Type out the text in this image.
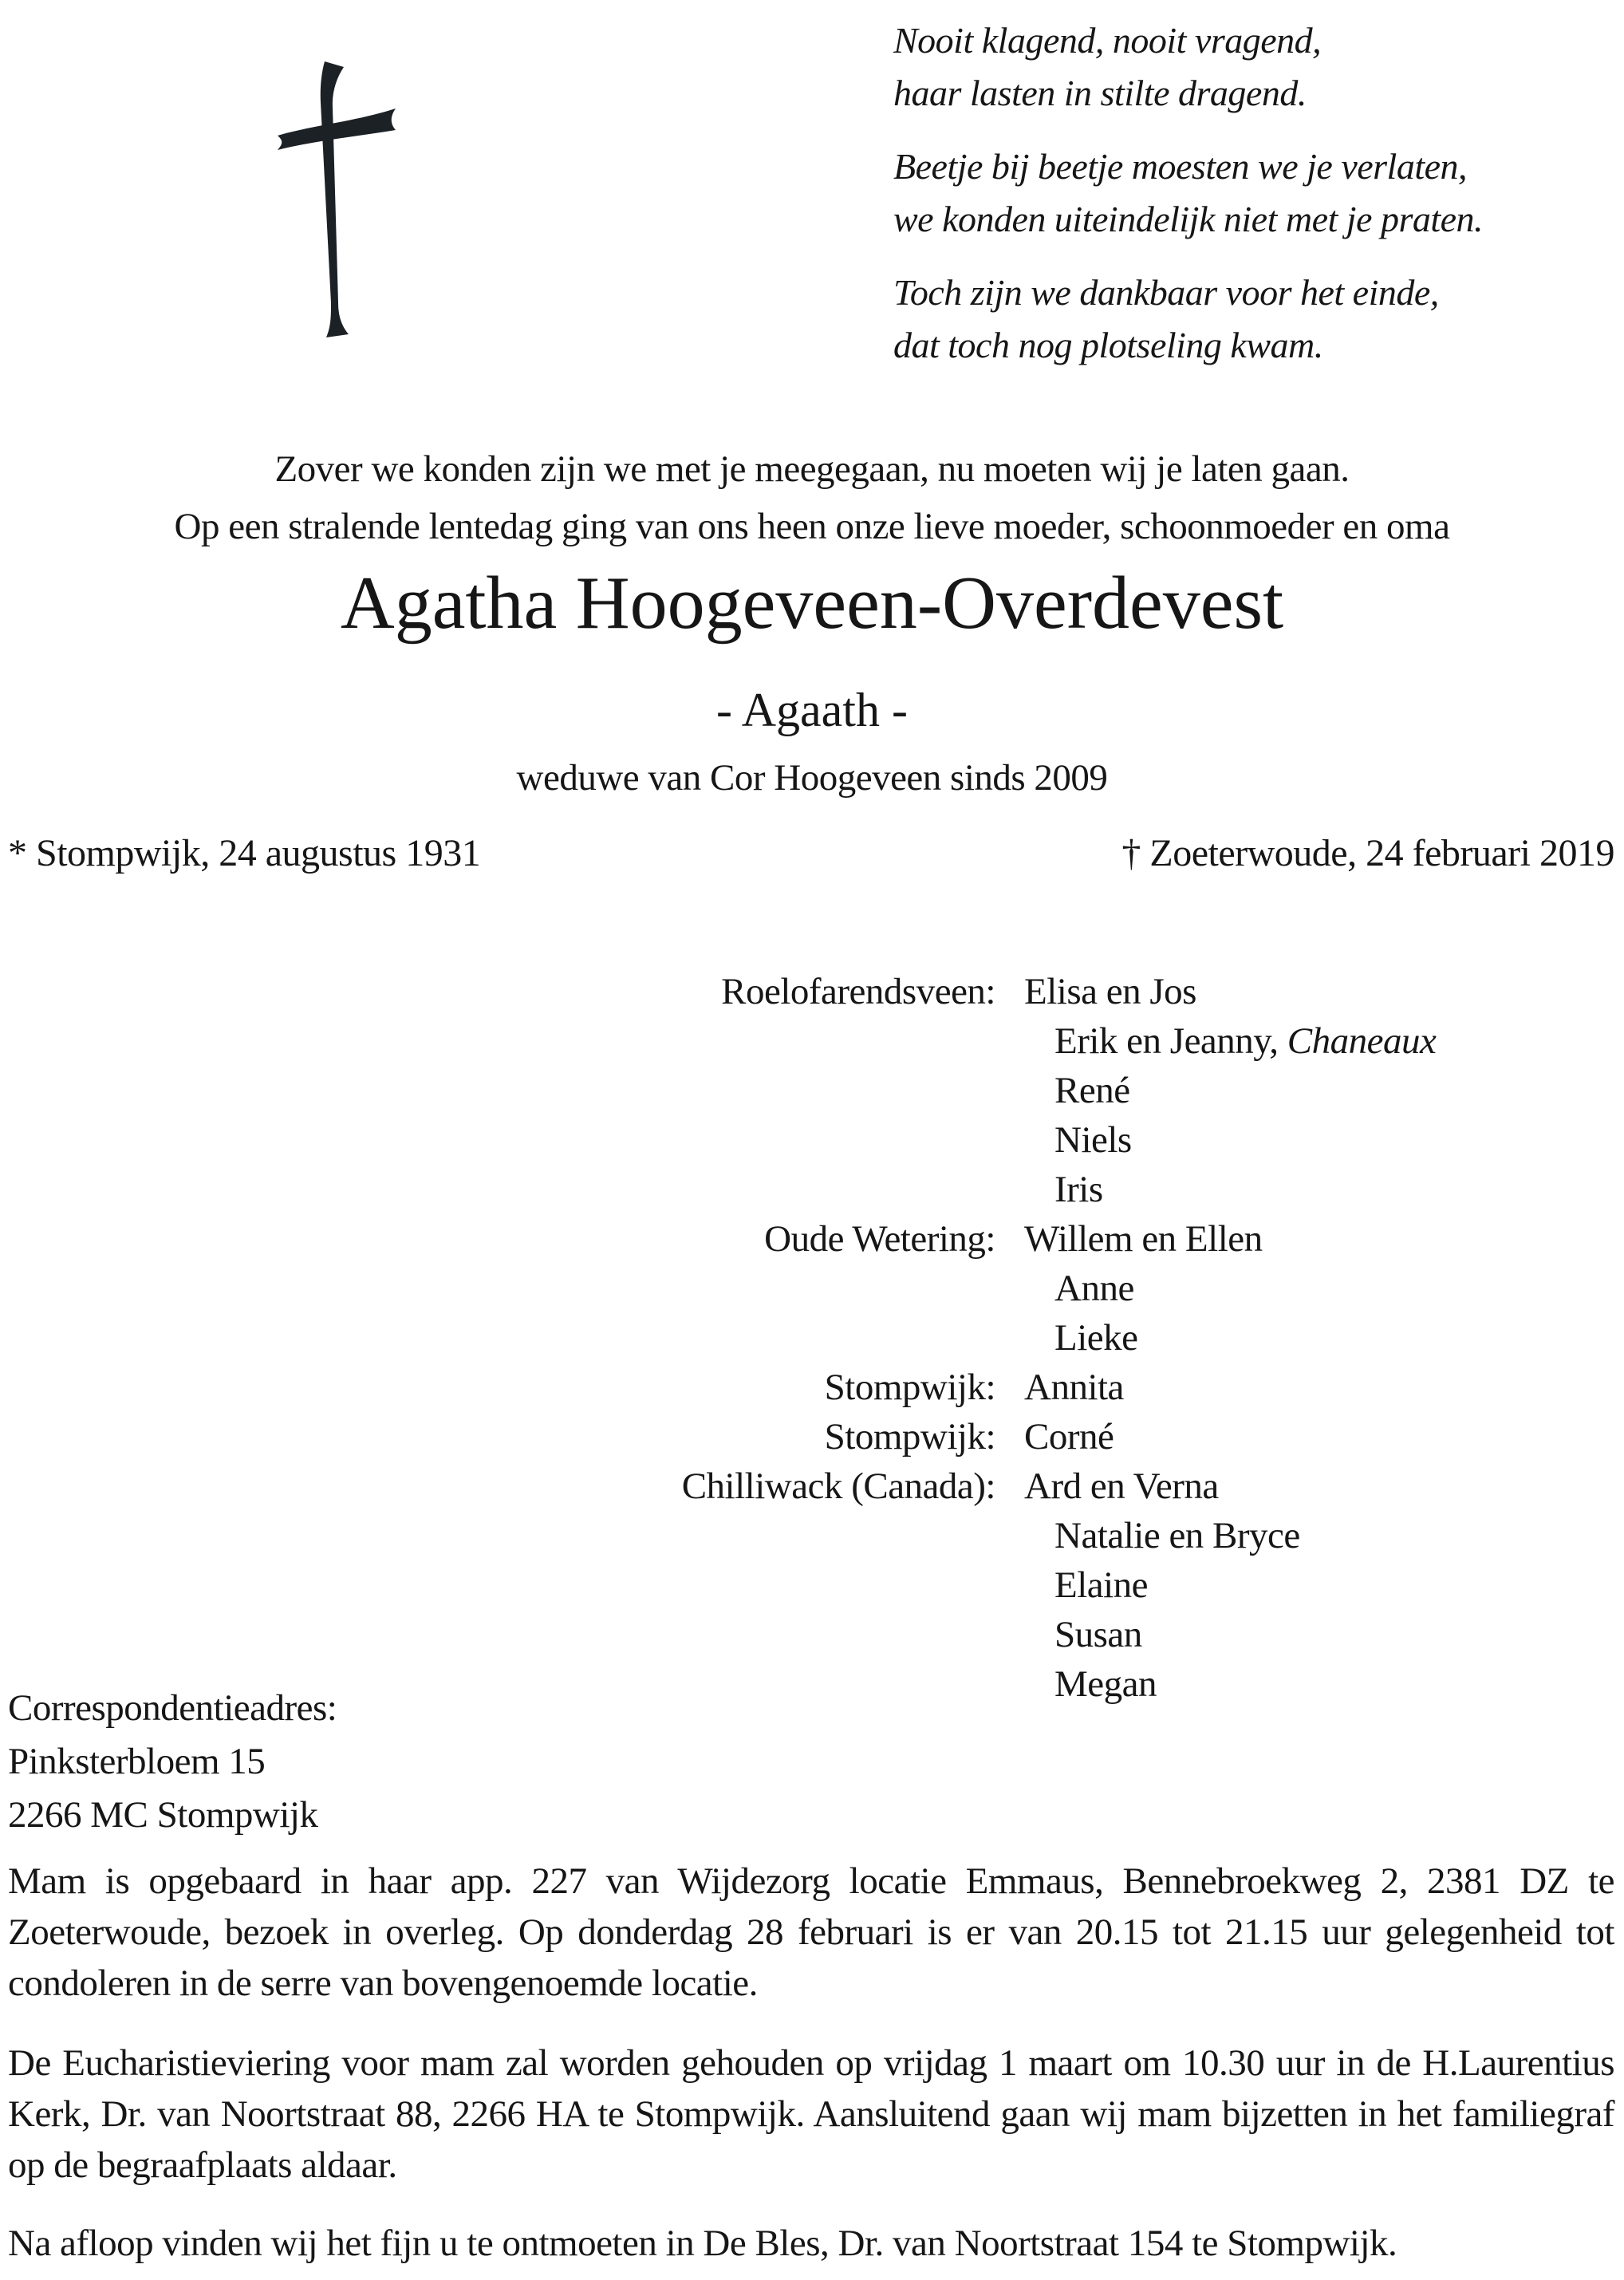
Nooit klagend, nooit vragend,
haar lasten in stilte dragend.
Beetje bij beetje moesten we je verlaten,
we konden uiteindelijk niet met je praten.
Toch zijn we dankbaar voor het einde,
dat toch nog plotseling kwam.
Zover we konden zijn we met je meegegaan, nu moeten wij je laten gaan.
Op een stralende lentedag ging van ons heen onze lieve moeder, schoonmoeder en oma
Agatha Hoogeveen-Overdevest
- Agaath -
weduwe van Cor Hoogeveen sinds 2009
* Stompwijk, 24 augustus 1931	† Zoeterwoude, 24 februari 2019
Roelofarendsveen: Elisa en Jos
Erik en Jeanny, Chaneaux
René
Niels
Iris
Oude Wetering: Willem en Ellen
Anne
Lieke
Stompwijk: Annita
Stompwijk: Corné
Chilliwack (Canada): Ard en Verna
Natalie en Bryce
Elaine
Susan
Megan
Correspondentieadres:
Pinksterbloem 15
2266 MC Stompwijk

Mam is opgebaard in haar app. 227 van Wijdezorg locatie Emmaus, Bennebroekweg 2, 2381 DZ te Zoeterwoude, bezoek in overleg. Op donderdag 28 februari is er van 20.15 tot 21.15 uur gelegenheid tot condoleren in de serre van bovengenoemde locatie.

De Eucharistieviering voor mam zal worden gehouden op vrijdag 1 maart om 10.30 uur in de H.Laurentius Kerk, Dr. van Noortstraat 88, 2266 HA te Stompwijk. Aansluitend gaan wij mam bijzetten in het familiegraf op de begraafplaats aldaar.

Na afloop vinden wij het fijn u te ontmoeten in De Bles, Dr. van Noortstraat 154 te Stompwijk.
